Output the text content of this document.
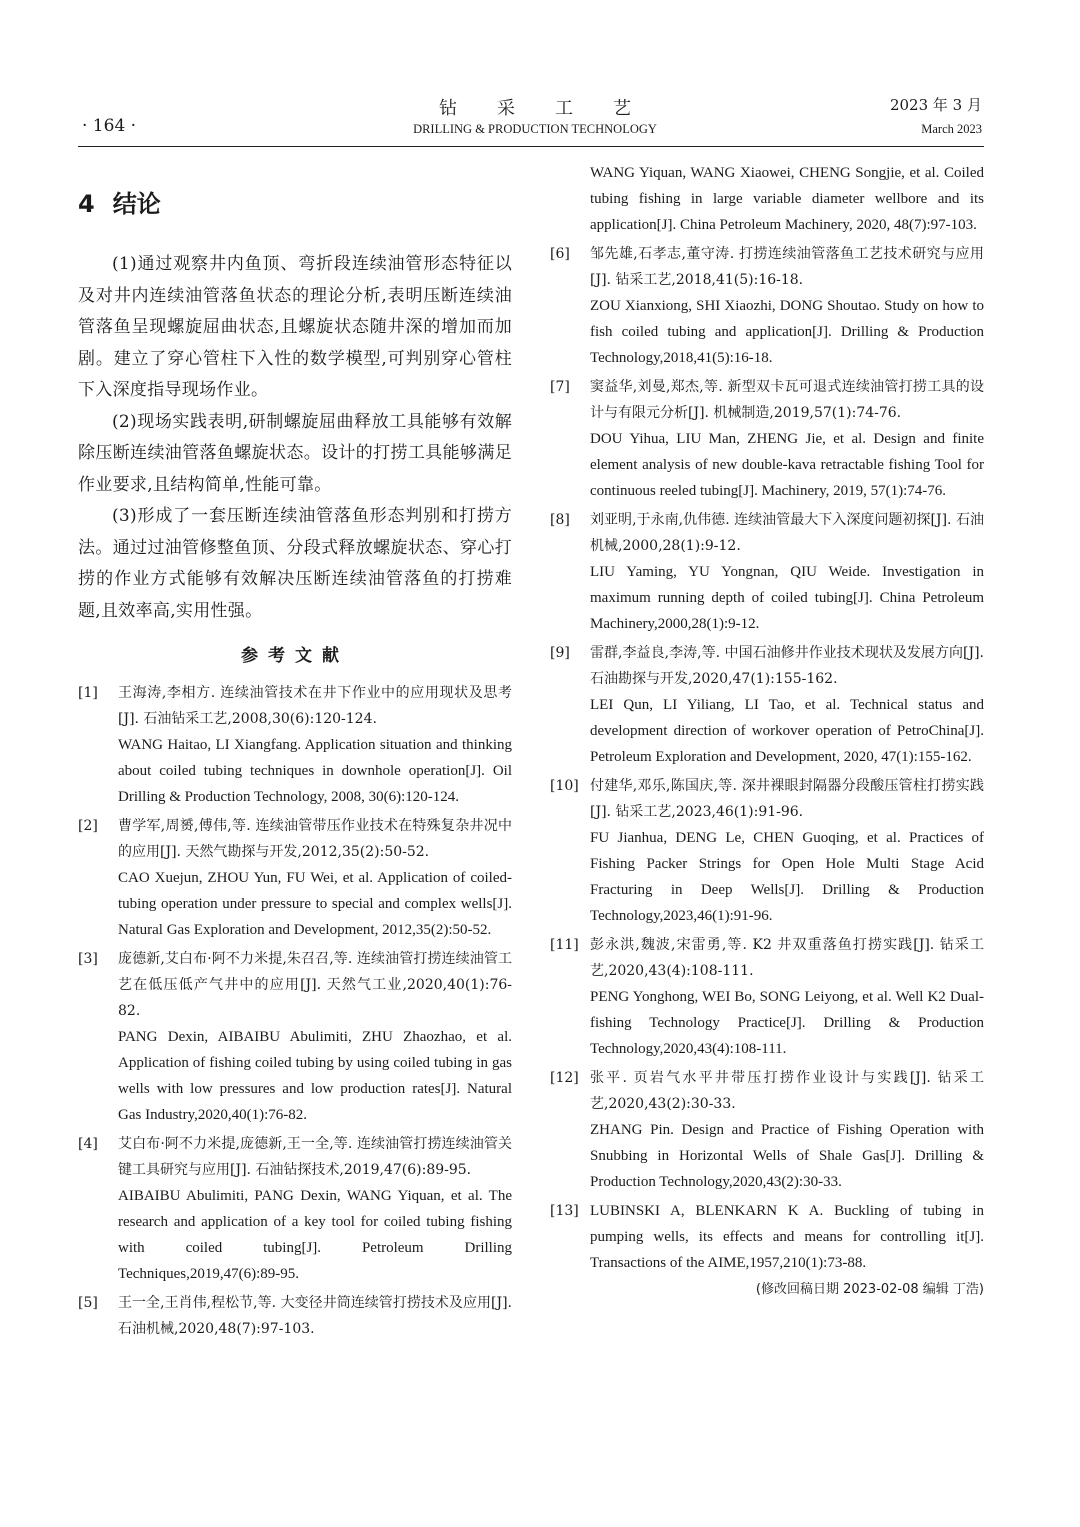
· 164 ·
钻采工艺
DRILLING & PRODUCTION TECHNOLOGY
2023 年 3 月
March 2023
4 结论

(1)通过观察井内鱼顶、弯折段连续油管形态特征以及对井内连续油管落鱼状态的理论分析,表明压断连续油管落鱼呈现螺旋屈曲状态,且螺旋状态随井深的增加而加剧。建立了穿心管柱下入性的数学模型,可判别穿心管柱下入深度指导现场作业。

(2)现场实践表明,研制螺旋屈曲释放工具能够有效解除压断连续油管落鱼螺旋状态。设计的打捞工具能够满足作业要求,且结构简单,性能可靠。

(3)形成了一套压断连续油管落鱼形态判别和打捞方法。通过过油管修整鱼顶、分段式释放螺旋状态、穿心打捞的作业方式能够有效解决压断连续油管落鱼的打捞难题,且效率高,实用性强。

参考文献
[1] 王海涛,李相方. 连续油管技术在井下作业中的应用现状及思考[J]. 石油钻采工艺,2008,30(6):120-124.

WANG Haitao, LI Xiangfang. Application situation and thinking about coiled tubing techniques in downhole operation[J]. Oil Drilling & Production Technology, 2008, 30(6):120-124.

[2] 曹学军,周赟,傅伟,等. 连续油管带压作业技术在特殊复杂井况中的应用[J]. 天然气勘探与开发,2012,35(2):50-52.

CAO Xuejun, ZHOU Yun, FU Wei, et al. Application of coiled-tubing operation under pressure to special and complex wells[J]. Natural Gas Exploration and Development, 2012,35(2):50-52.

[3] 庞德新,艾白布·阿不力米提,朱召召,等. 连续油管打捞连续油管工艺在低压低产气井中的应用[J]. 天然气工业,2020,40(1):76-82.

PANG Dexin, AIBAIBU Abulimiti, ZHU Zhaozhao, et al. Application of fishing coiled tubing by using coiled tubing in gas wells with low pressures and low production rates[J]. Natural Gas Industry,2020,40(1):76-82.

[4] 艾白布·阿不力米提,庞德新,王一全,等. 连续油管打捞连续油管关键工具研究与应用[J]. 石油钻探技术,2019,47(6):89-95.

AIBAIBU Abulimiti, PANG Dexin, WANG Yiquan, et al. The research and application of a key tool for coiled tubing fishing with coiled tubing[J]. Petroleum Drilling Techniques,2019,47(6):89-95.

[5] 王一全,王肖伟,程松节,等. 大变径井筒连续管打捞技术及应用[J]. 石油机械,2020,48(7):97-103.

WANG Yiquan, WANG Xiaowei, CHENG Songjie, et al. Coiled tubing fishing in large variable diameter wellbore and its application[J]. China Petroleum Machinery, 2020, 48(7):97-103.

[6] 邹先雄,石孝志,董守涛. 打捞连续油管落鱼工艺技术研究与应用[J]. 钻采工艺,2018,41(5):16-18.

ZOU Xianxiong, SHI Xiaozhi, DONG Shoutao. Study on how to fish coiled tubing and application[J]. Drilling & Production Technology,2018,41(5):16-18.

[7] 窦益华,刘曼,郑杰,等. 新型双卡瓦可退式连续油管打捞工具的设计与有限元分析[J]. 机械制造,2019,57(1):74-76.

DOU Yihua, LIU Man, ZHENG Jie, et al. Design and finite element analysis of new double-kava retractable fishing Tool for continuous reeled tubing[J]. Machinery, 2019, 57(1):74-76.

[8] 刘亚明,于永南,仇伟德. 连续油管最大下入深度问题初探[J]. 石油机械,2000,28(1):9-12.

LIU Yaming, YU Yongnan, QIU Weide. Investigation in maximum running depth of coiled tubing[J]. China Petroleum Machinery,2000,28(1):9-12.

[9] 雷群,李益良,李涛,等. 中国石油修井作业技术现状及发展方向[J]. 石油勘探与开发,2020,47(1):155-162.

LEI Qun, LI Yiliang, LI Tao, et al. Technical status and development direction of workover operation of PetroChina[J]. Petroleum Exploration and Development, 2020, 47(1):155-162.

[10] 付建华,邓乐,陈国庆,等. 深井裸眼封隔器分段酸压管柱打捞实践[J]. 钻采工艺,2023,46(1):91-96.

FU Jianhua, DENG Le, CHEN Guoqing, et al. Practices of Fishing Packer Strings for Open Hole Multi Stage Acid Fracturing in Deep Wells[J]. Drilling & Production Technology,2023,46(1):91-96.

[11] 彭永洪,魏波,宋雷勇,等. K2 井双重落鱼打捞实践[J]. 钻采工艺,2020,43(4):108-111.

PENG Yonghong, WEI Bo, SONG Leiyong, et al. Well K2 Dual-fishing Technology Practice[J]. Drilling & Production Technology,2020,43(4):108-111.

[12] 张平. 页岩气水平井带压打捞作业设计与实践[J]. 钻采工艺,2020,43(2):30-33.

ZHANG Pin. Design and Practice of Fishing Operation with Snubbing in Horizontal Wells of Shale Gas[J]. Drilling & Production Technology,2020,43(2):30-33.

[13] LUBINSKI A, BLENKARN K A. Buckling of tubing in pumping wells, its effects and means for controlling it[J]. Transactions of the AIME,1957,210(1):73-88.

(修改回稿日期 2023-02-08 编辑 丁浩)
